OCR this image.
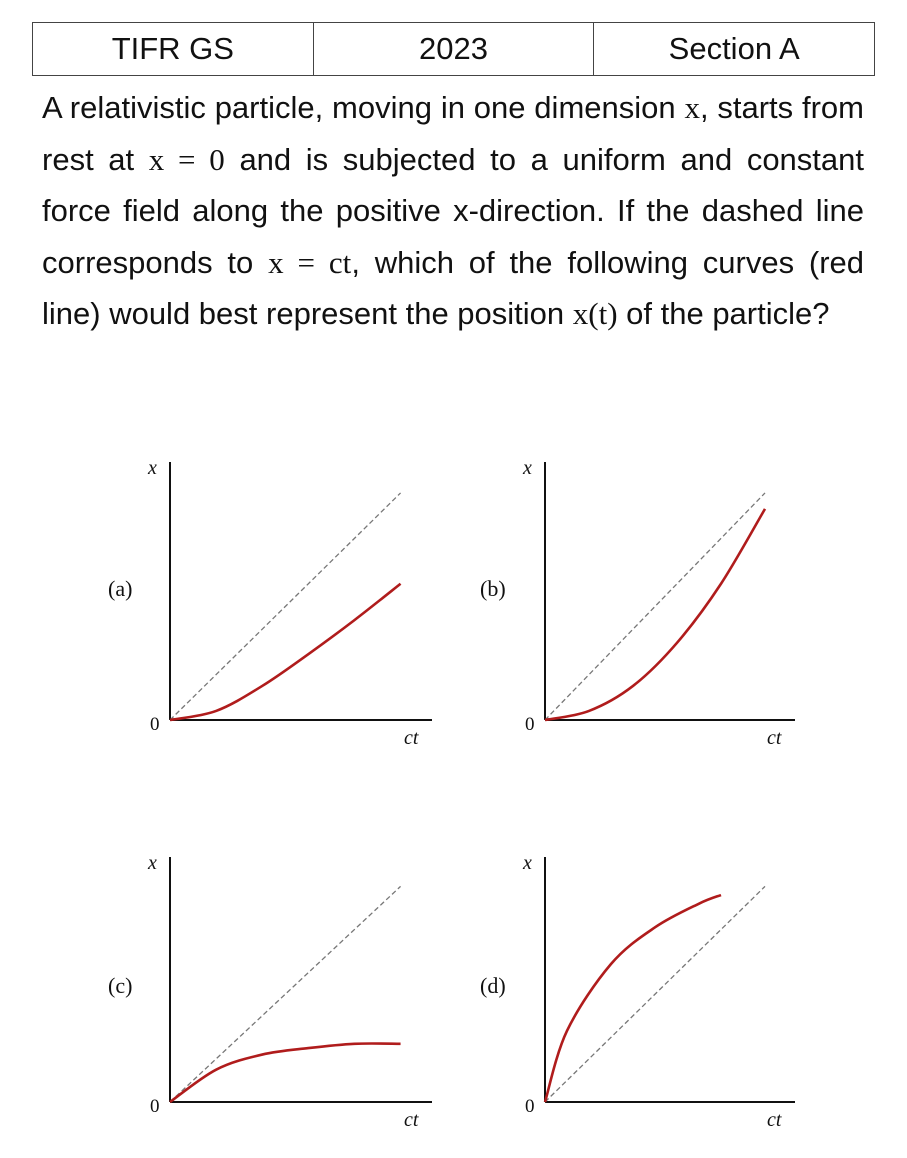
TIFR GS	2023	Section A
A relativistic particle, moving in one dimension x, starts from rest at x = 0 and is subjected to a uniform and constant force field along the positive x-direction. If the dashed line corresponds to x = ct, which of the following curves (red line) would best represent the position x(t) of the particle?
x
ct
0
(a)
x
ct
0
(b)
x
ct
0
(c)
x
ct
0
(d)
